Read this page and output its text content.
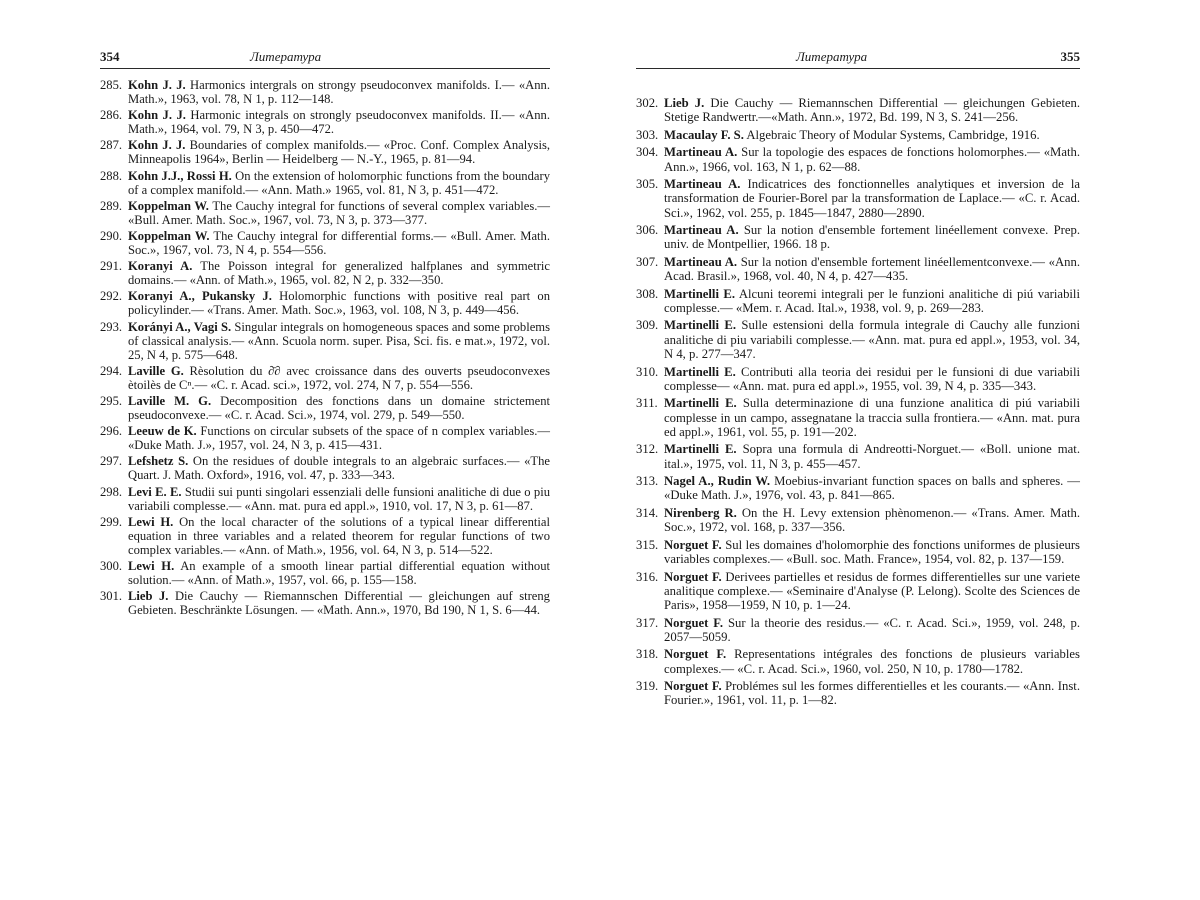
354	Литература
285. Kohn J. J. Harmonics intergrals on strongy pseudoconvex manifolds. I.— «Ann. Math.», 1963, vol. 78, N 1, p. 112—148.
286. Kohn J. J. Harmonic integrals on strongly pseudoconvex manifolds. II.— «Ann. Math.», 1964, vol. 79, N 3, p. 450—472.
287. Kohn J. J. Boundaries of complex manifolds.— «Proc. Conf. Complex Analysis, Minneapolis 1964», Berlin — Heidelberg — N.-Y., 1965, p. 81—94.
288. Kohn J.J., Rossi H. On the extension of holomorphic functions from the boundary of a complex manifold.— «Ann. Math.» 1965, vol. 81, N 3, p. 451—472.
289. Koppelman W. The Cauchy integral for functions of several complex variables.— «Bull. Amer. Math. Soc.», 1967, vol. 73, N 3, p. 373—377.
290. Koppelman W. The Cauchy integral for differential forms.— «Bull. Amer. Math. Soc.», 1967, vol. 73, N 4, p. 554—556.
291. Koranyi A. The Poisson integral for generalized halfplanes and symmetric domains.— «Ann. of Math.», 1965, vol. 82, N 2, p. 332—350.
292. Koranyi A., Pukansky J. Holomorphic functions with positive real part on policylinder.— «Trans. Amer. Math. Soc.», 1963, vol. 108, N 3, p. 449—456.
293. Korányi A., Vagi S. Singular integrals on homogeneous spaces and some problems of classical analysis.— «Ann. Scuola norm. super. Pisa, Sci. fis. e mat.», 1972, vol. 25, N 4, p. 575—648.
294. Laville G. Rèsolution du ∂̄∂ avec croissance dans des ouverts pseudoconvexes ètoilès de Cⁿ.— «C. r. Acad. sci.», 1972, vol. 274, N 7, p. 554—556.
295. Laville M. G. Decomposition des fonctions dans un domaine strictement pseudoconvexe.— «C. r. Acad. Sci.», 1974, vol. 279, p. 549—550.
296. Leeuw de K. Functions on circular subsets of the space of n complex variables.— «Duke Math. J.», 1957, vol. 24, N 3, p. 415—431.
297. Lefshetz S. On the residues of double integrals to an algebraic surfaces.— «The Quart. J. Math. Oxford», 1916, vol. 47, p. 333—343.
298. Levi E. E. Studii sui punti singolari essenziali delle funsioni analitiche di due o piu variabili complesse.— «Ann. mat. pura ed appl.», 1910, vol. 17, N 3, p. 61—87.
299. Lewi H. On the local character of the solutions of a typical linear differential equation in three variables and a related theorem for regular functions of two complex variables.— «Ann. of Math.», 1956, vol. 64, N 3, p. 514—522.
300. Lewi H. An example of a smooth linear partial differential equation without solution.— «Ann. of Math.», 1957, vol. 66, p. 155—158.
301. Lieb J. Die Cauchy — Riemannschen Differential — gleichungen auf streng Gebieten. Beschränkte Lösungen. — «Math. Ann.», 1970, Bd 190, N 1, S. 6—44.
Литература	355
302. Lieb J. Die Cauchy — Riemannschen Differential — gleichungen Gebieten. Stetige Randwertr.—«Math. Ann.», 1972, Bd. 199, N 3, S. 241—256.
303. Macaulay F. S. Algebraic Theory of Modular Systems, Cambridge, 1916.
304. Martineau A. Sur la topologie des espaces de fonctions holomorphes.— «Math. Ann.», 1966, vol. 163, N 1, p. 62—88.
305. Martineau A. Indicatrices des fonctionnelles analytiques et inversion de la transformation de Fourier-Borel par la transformation de Laplace.— «C. r. Acad. Sci.», 1962, vol. 255, p. 1845—1847, 2880—2890.
306. Martineau A. Sur la notion d'ensemble fortement linéellement convexe. Prep. univ. de Montpellier, 1966. 18 p.
307. Martineau A. Sur la notion d'ensemble fortement linéellementconvexe.— «Ann. Acad. Brasil.», 1968, vol. 40, N 4, p. 427—435.
308. Martinelli E. Alcuni teoremi integrali per le funzioni analitiche di piú variabili complesse.— «Mem. r. Acad. Ital.», 1938, vol. 9, p. 269—283.
309. Martinelli E. Sulle estensioni della formula integrale di Cauchy alle funzioni analitiche di piu variabili complesse.— «Ann. mat. pura ed appl.», 1953, vol. 34, N 4, p. 277—347.
310. Martinelli E. Contributi alla teoria dei residui per le funsioni di due variabili complesse— «Ann. mat. pura ed appl.», 1955, vol. 39, N 4, p. 335—343.
311. Martinelli E. Sulla determinazione di una funzione analitica di piú variabili complesse in un campo, assegnatane la traccia sulla frontiera.— «Ann. mat. pura ed appl.», 1961, vol. 55, p. 191—202.
312. Martinelli E. Sopra una formula di Andreotti-Norguet.— «Boll. unione mat. ital.», 1975, vol. 11, N 3, p. 455—457.
313. Nagel A., Rudin W. Moebius-invariant function spaces on balls and spheres. — «Duke Math. J.», 1976, vol. 43, p. 841—865.
314. Nirenberg R. On the H. Levy extension phènomenon.— «Trans. Amer. Math. Soc.», 1972, vol. 168, p. 337—356.
315. Norguet F. Sul les domaines d'holomorphie des fonctions uniformes de plusieurs variables complexes.— «Bull. soc. Math. France», 1954, vol. 82, p. 137—159.
316. Norguet F. Derivees partielles et residus de formes differentielles sur une variete analitique complexe.— «Seminaire d'Analyse (P. Lelong). Scolte des Sciences de Paris», 1958—1959, N 10, p. 1—24.
317. Norguet F. Sur la theorie des residus.— «C. r. Acad. Sci.», 1959, vol. 248, p. 2057—5059.
318. Norguet F. Representations intégrales des fonctions de plusieurs variables complexes.— «C. r. Acad. Sci.», 1960, vol. 250, N 10, p. 1780—1782.
319. Norguet F. Problémes sul les formes differentielles et les courants.— «Ann. Inst. Fourier.», 1961, vol. 11, p. 1—82.
